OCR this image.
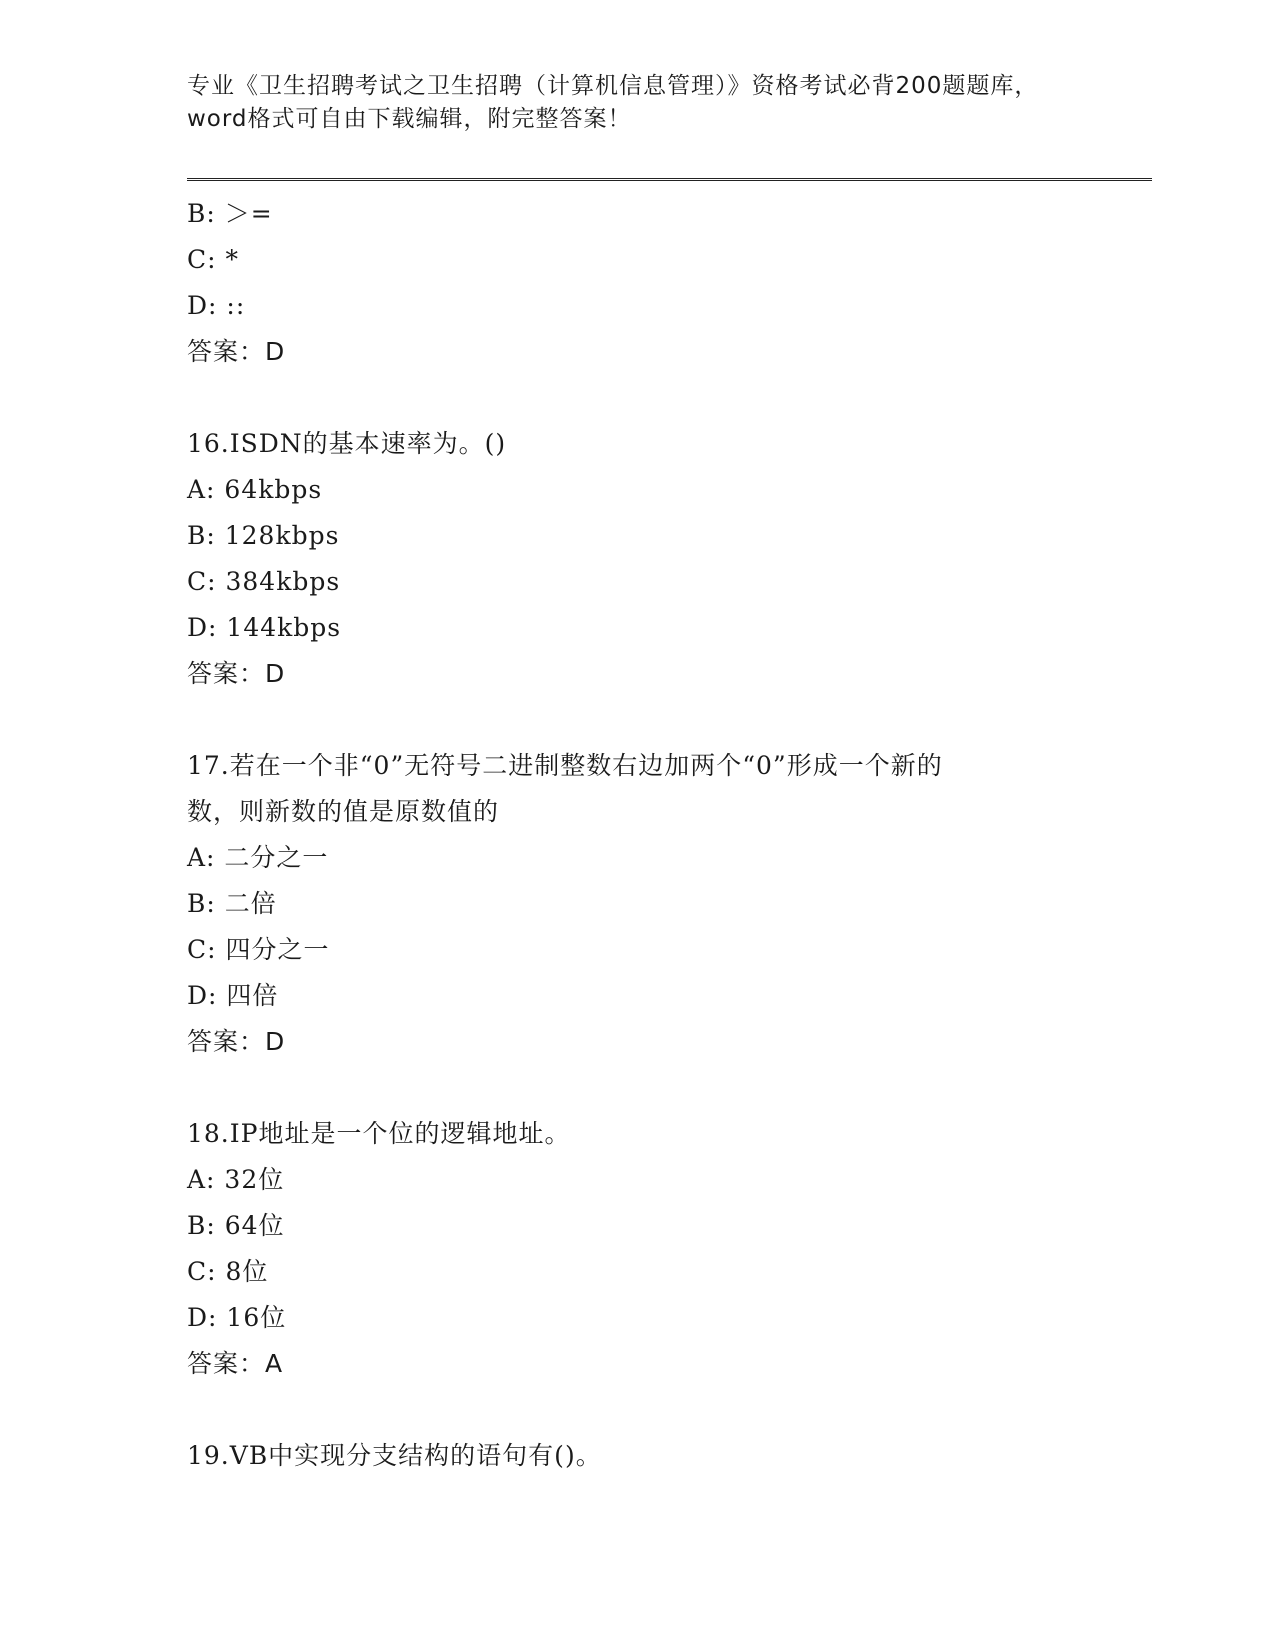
专业《卫生招聘考试之卫生招聘（计算机信息管理）》资格考试必背200题题库，
word格式可自由下载编辑，附完整答案！
B: ＞=
C: *
D: ::
答案：D
16.ISDN的基本速率为。()
A: 64kbps
B: 128kbps
C: 384kbps
D: 144kbps
答案：D
17.若在一个非“0”无符号二进制整数右边加两个“0”形成一个新的
数，则新数的值是原数值的
A: 二分之一
B: 二倍
C: 四分之一
D: 四倍
答案：D
18.IP地址是一个位的逻辑地址。
A: 32位
B: 64位
C: 8位
D: 16位
答案：A
19.VB中实现分支结构的语句有()。
